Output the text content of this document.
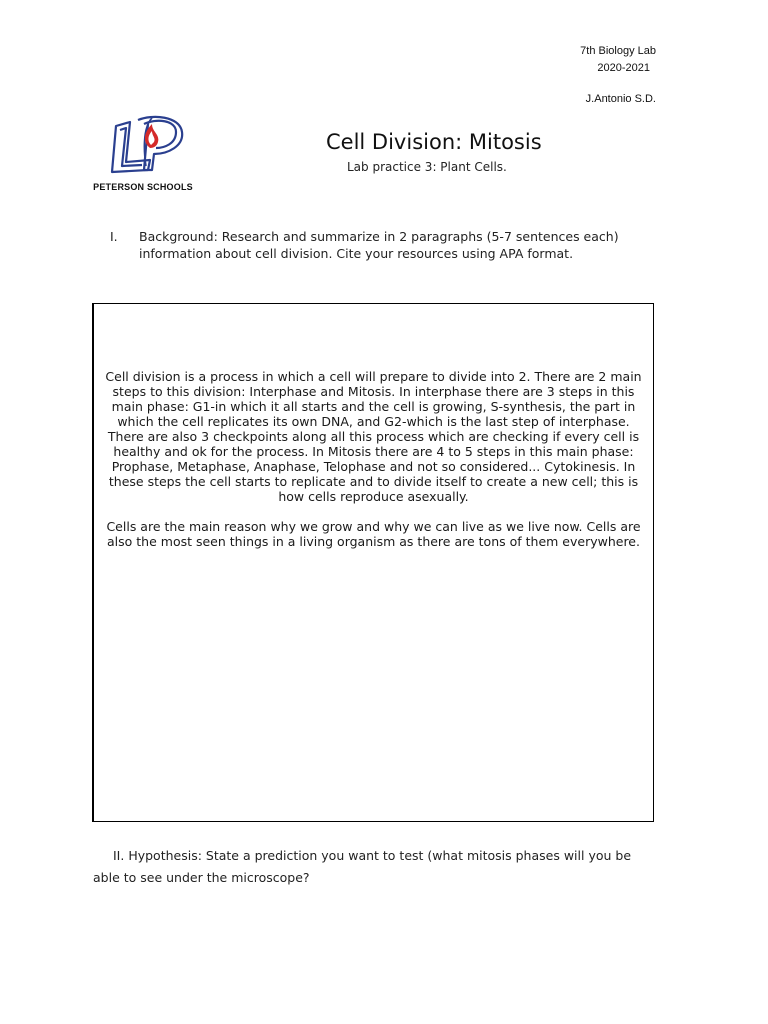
7th Biology Lab
2020-2021
J.Antonio S.D.
PETERSON SCHOOLS
Cell Division: Mitosis
Lab practice 3: Plant Cells.
I. Background: Research and summarize in 2 paragraphs (5-7 sentences each) information about cell division. Cite your resources using APA format.

Cell division is a process in which a cell will prepare to divide into 2. There are 2 main steps to this division: Interphase and Mitosis. In interphase there are 3 steps in this main phase: G1-in which it all starts and the cell is growing, S-synthesis, the part in which the cell replicates its own DNA, and G2-which is the last step of interphase. There are also 3 checkpoints along all this process which are checking if every cell is healthy and ok for the process. In Mitosis there are 4 to 5 steps in this main phase: Prophase, Metaphase, Anaphase, Telophase and not so considered... Cytokinesis. In these steps the cell starts to replicate and to divide itself to create a new cell; this is how cells reproduce asexually.

Cells are the main reason why we grow and why we can live as we live now. Cells are also the most seen things in a living organism as there are tons of them everywhere.

II. Hypothesis: State a prediction you want to test (what mitosis phases will you be able to see under the microscope?
